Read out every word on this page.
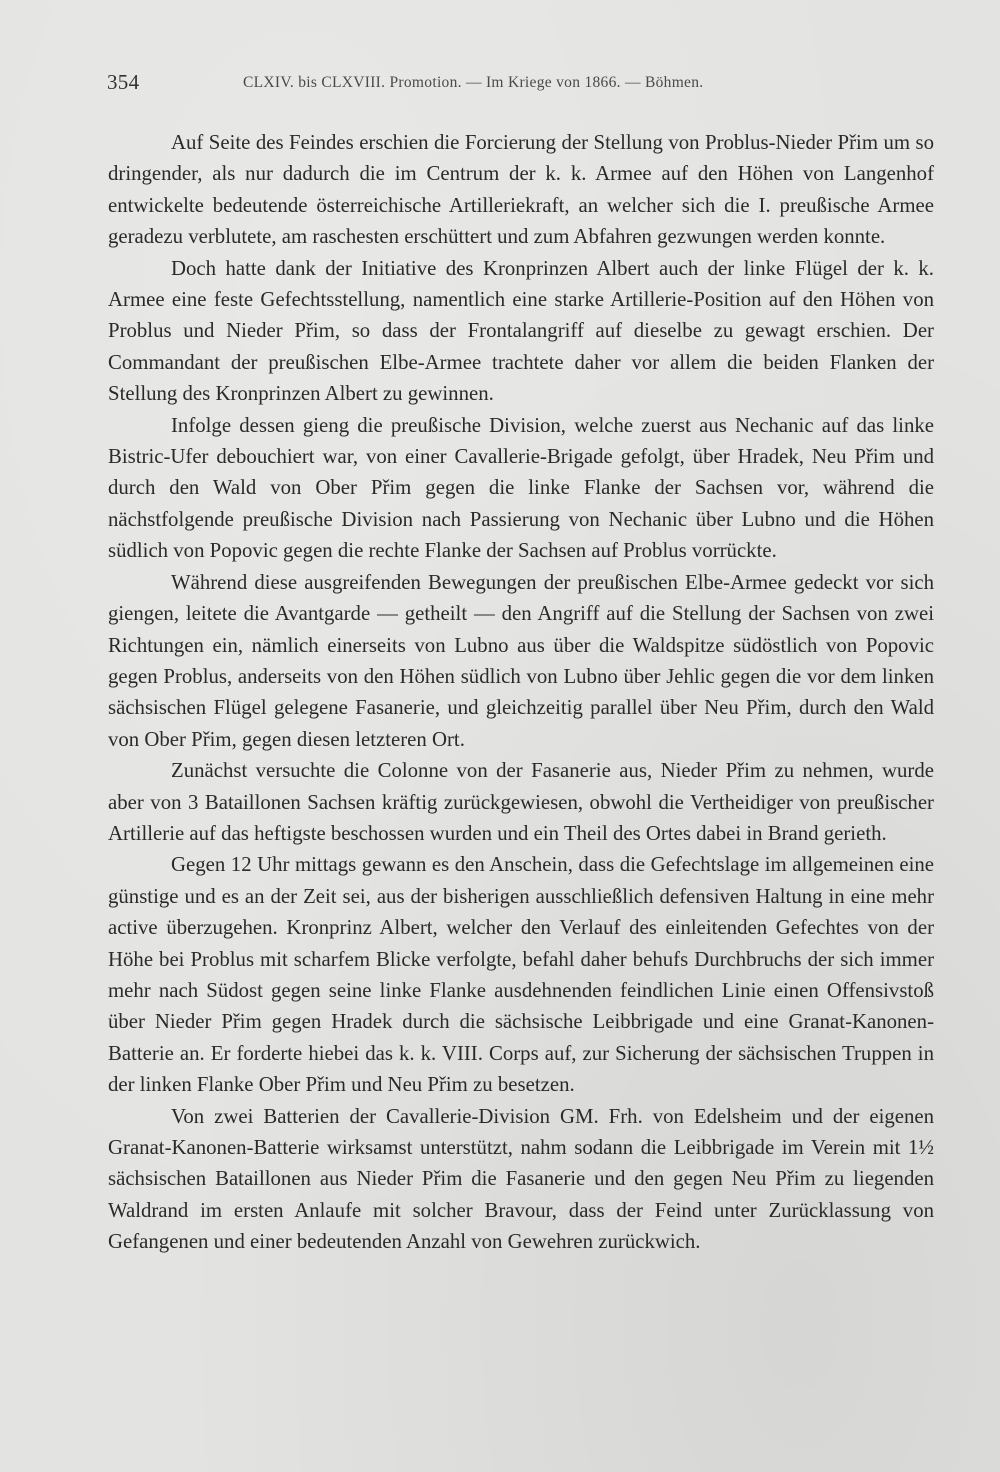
354	CLXIV. bis CLXVIII. Promotion. — Im Kriege von 1866. — Böhmen.

Auf Seite des Feindes erschien die Forcierung der Stellung von Problus-Nieder Přim um so dringender, als nur dadurch die im Centrum der k. k. Armee auf den Höhen von Langenhof entwickelte bedeutende österreichische Artilleriekraft, an welcher sich die I. preußische Armee geradezu verblutete, am raschesten erschüttert und zum Abfahren gezwungen werden konnte.

Doch hatte dank der Initiative des Kronprinzen Albert auch der linke Flügel der k. k. Armee eine feste Gefechtsstellung, namentlich eine starke Artillerie-Position auf den Höhen von Problus und Nieder Přim, so dass der Frontalangriff auf dieselbe zu gewagt erschien. Der Commandant der preußischen Elbe-Armee trachtete daher vor allem die beiden Flanken der Stellung des Kronprinzen Albert zu gewinnen.

Infolge dessen gieng die preußische Division, welche zuerst aus Nechanic auf das linke Bistric-Ufer debouchiert war, von einer Cavallerie-Brigade gefolgt, über Hradek, Neu Přim und durch den Wald von Ober Přim gegen die linke Flanke der Sachsen vor, während die nächstfolgende preußische Division nach Passierung von Nechanic über Lubno und die Höhen südlich von Popovic gegen die rechte Flanke der Sachsen auf Problus vorrückte.

Während diese ausgreifenden Bewegungen der preußischen Elbe-Armee gedeckt vor sich giengen, leitete die Avantgarde — getheilt — den Angriff auf die Stellung der Sachsen von zwei Richtungen ein, nämlich einerseits von Lubno aus über die Waldspitze südöstlich von Popovic gegen Problus, anderseits von den Höhen südlich von Lubno über Jehlic gegen die vor dem linken sächsischen Flügel gelegene Fasanerie, und gleichzeitig parallel über Neu Přim, durch den Wald von Ober Přim, gegen diesen letzteren Ort.

Zunächst versuchte die Colonne von der Fasanerie aus, Nieder Přim zu nehmen, wurde aber von 3 Bataillonen Sachsen kräftig zurückgewiesen, obwohl die Vertheidiger von preußischer Artillerie auf das heftigste beschossen wurden und ein Theil des Ortes dabei in Brand gerieth.

Gegen 12 Uhr mittags gewann es den Anschein, dass die Gefechtslage im allgemeinen eine günstige und es an der Zeit sei, aus der bisherigen ausschließlich defensiven Haltung in eine mehr active überzugehen. Kronprinz Albert, welcher den Verlauf des einleitenden Gefechtes von der Höhe bei Problus mit scharfem Blicke verfolgte, befahl daher behufs Durchbruchs der sich immer mehr nach Südost gegen seine linke Flanke ausdehnenden feindlichen Linie einen Offensivstoß über Nieder Přim gegen Hradek durch die sächsische Leibbrigade und eine Granat-Kanonen-Batterie an. Er forderte hiebei das k. k. VIII. Corps auf, zur Sicherung der sächsischen Truppen in der linken Flanke Ober Přim und Neu Přim zu besetzen.

Von zwei Batterien der Cavallerie-Division GM. Frh. von Edelsheim und der eigenen Granat-Kanonen-Batterie wirksamst unterstützt, nahm sodann die Leibbrigade im Verein mit 1½ sächsischen Bataillonen aus Nieder Přim die Fasanerie und den gegen Neu Přim zu liegenden Waldrand im ersten Anlaufe mit solcher Bravour, dass der Feind unter Zurücklassung von Gefangenen und einer bedeutenden Anzahl von Gewehren zurückwich.
